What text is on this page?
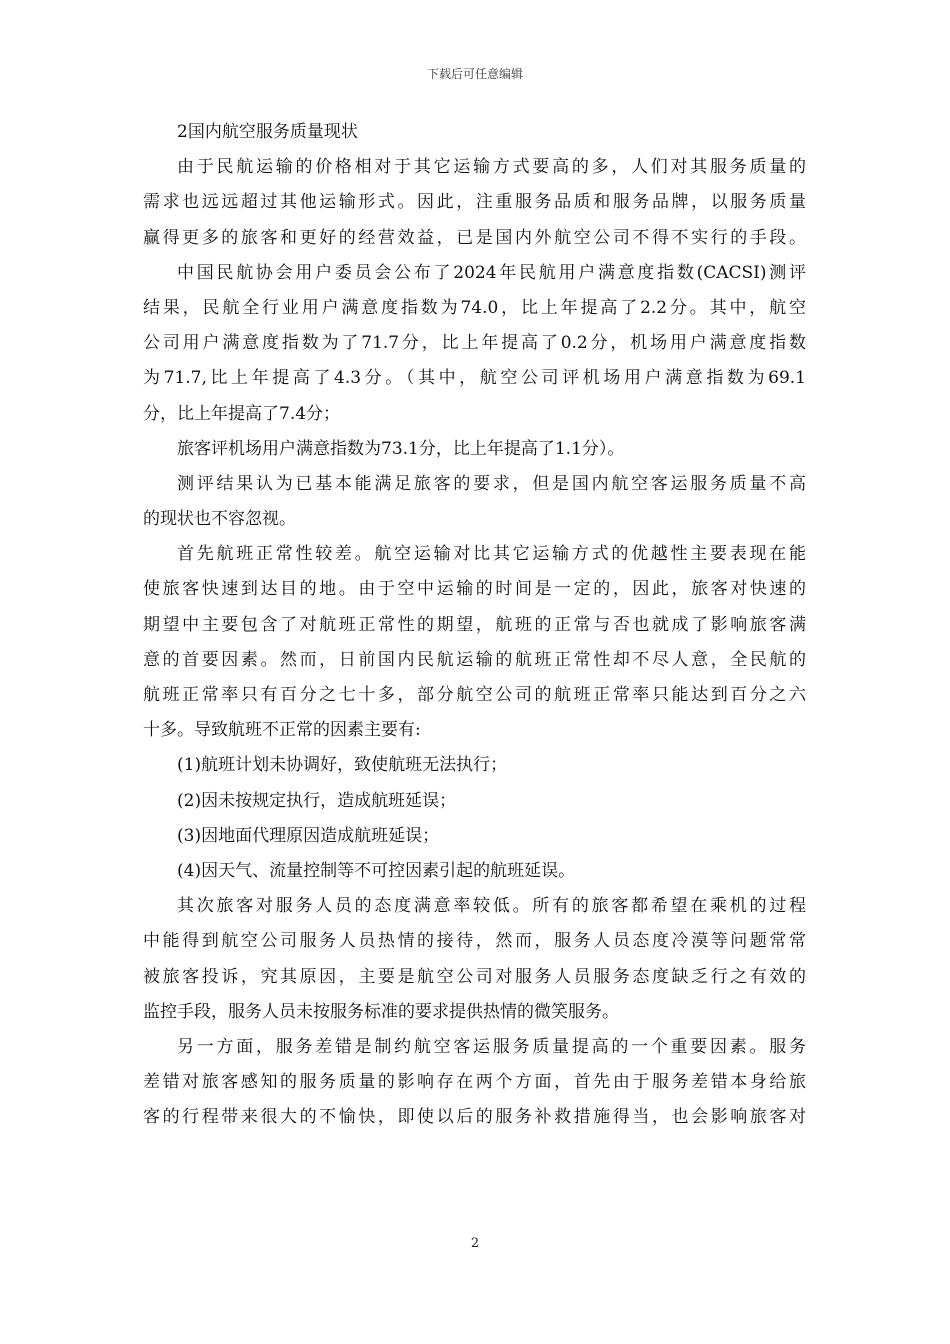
下载后可任意编辑
2国内航空服务质量现状
由于民航运输的价格相对于其它运输方式要高的多，人们对其服务质量的
需求也远远超过其他运输形式。因此，注重服务品质和服务品牌，以服务质量
赢得更多的旅客和更好的经营效益，已是国内外航空公司不得不实行的手段。
中国民航协会用户委员会公布了2024年民航用户满意度指数(CACSI)测评
结果，民航全行业用户满意度指数为74.0，比上年提高了2.2分。其中，航空
公司用户满意度指数为了71.7分，比上年提高了0.2分，机场用户满意度指数
为71.7,比上年提高了4.3分。（其中，航空公司评机场用户满意指数为69.1
分，比上年提高了7.4分；
旅客评机场用户满意指数为73.1分，比上年提高了1.1分）。
测评结果认为已基本能满足旅客的要求，但是国内航空客运服务质量不高
的现状也不容忽视。
首先航班正常性较差。航空运输对比其它运输方式的优越性主要表现在能
使旅客快速到达目的地。由于空中运输的时间是一定的，因此，旅客对快速的
期望中主要包含了对航班正常性的期望，航班的正常与否也就成了影响旅客满
意的首要因素。然而，日前国内民航运输的航班正常性却不尽人意，全民航的
航班正常率只有百分之七十多，部分航空公司的航班正常率只能达到百分之六
十多。导致航班不正常的因素主要有:
(1)航班计划未协调好，致使航班无法执行；
(2)因未按规定执行，造成航班延误；
(3)因地面代理原因造成航班延误；
(4)因天气、流量控制等不可控因素引起的航班延误。
其次旅客对服务人员的态度满意率较低。所有的旅客都希望在乘机的过程
中能得到航空公司服务人员热情的接待，然而，服务人员态度冷漠等问题常常
被旅客投诉，究其原因，主要是航空公司对服务人员服务态度缺乏行之有效的
监控手段，服务人员未按服务标准的要求提供热情的微笑服务。
另一方面，服务差错是制约航空客运服务质量提高的一个重要因素。服务
差错对旅客感知的服务质量的影响存在两个方面，首先由于服务差错本身给旅
客的行程带来很大的不愉快，即使以后的服务补救措施得当，也会影响旅客对
2
